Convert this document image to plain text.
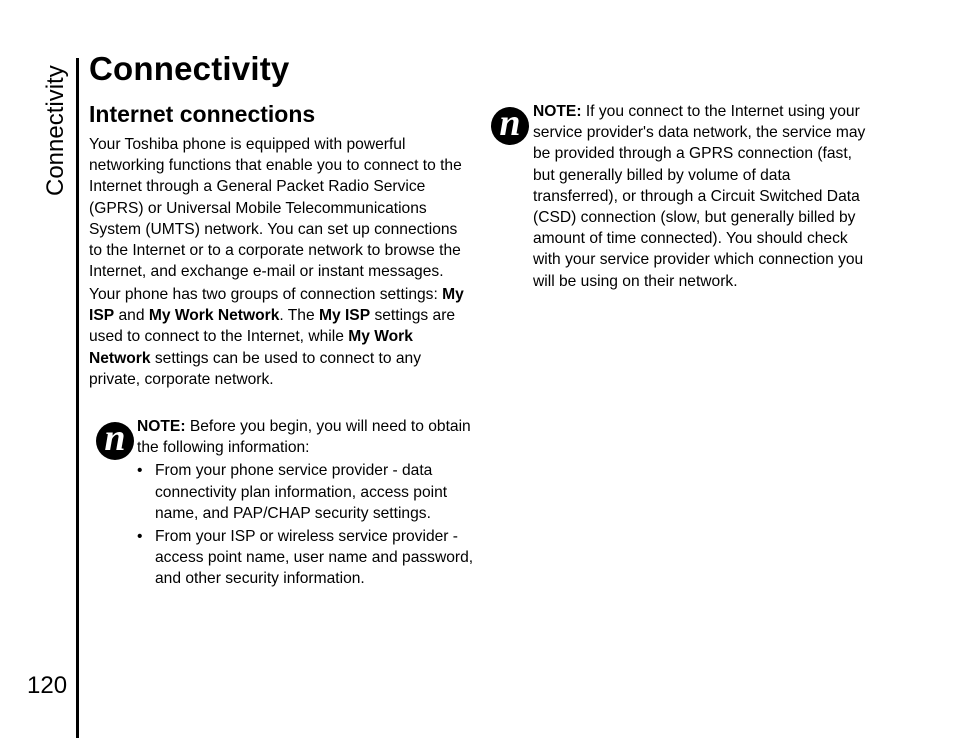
Connectivity
120
Connectivity
Internet connections

Your Toshiba phone is equipped with powerful networking functions that enable you to connect to the Internet through a General Packet Radio Service (GPRS) or Universal Mobile Telecommunications System (UMTS) network. You can set up connections to the Internet or to a corporate network to browse the Internet, and exchange e-mail or instant messages.

Your phone has two groups of connection settings: My ISP and My Work Network. The My ISP settings are used to connect to the Internet, while My Work Network settings can be used to connect to any private, corporate network.

n NOTE: Before you begin, you will need to obtain the following information:

• From your phone service provider - data connectivity plan information, access point name, and PAP/CHAP security settings.
• From your ISP or wireless service provider - access point name, user name and password, and other security information.
n NOTE: If you connect to the Internet using your service provider's data network, the service may be provided through a GPRS connection (fast, but generally billed by volume of data transferred), or through a Circuit Switched Data (CSD) connection (slow, but generally billed by amount of time connected). You should check with your service provider which connection you will be using on their network.
